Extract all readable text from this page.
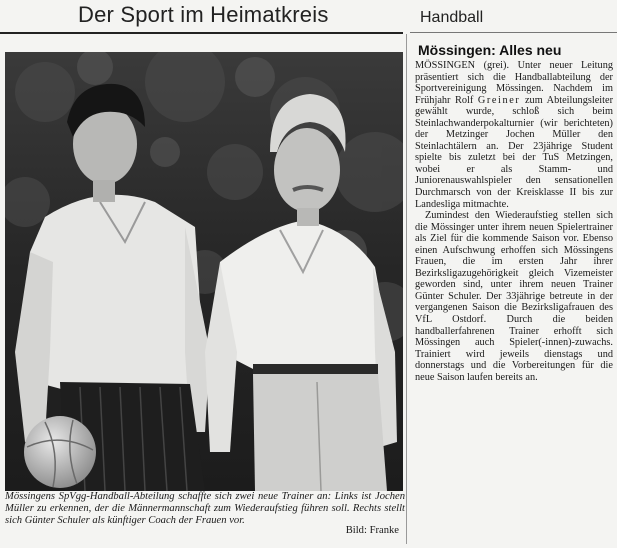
Der Sport im Heimatkreis	Handball
Mössingens SpVgg-Handball-Abteilung schaffte sich zwei neue Trainer an: Links ist Jochen Müller zu erkennen, der die Männermannschaft zum Wiederaufstieg führen soll. Rechts stellt sich Günter Schuler als künftiger Coach der Frauen vor.
Bild: Franke
Mössingen: Alles neu

MÖSSINGEN (grei). Unter neuer Leitung präsentiert sich die Handballabteilung der Sportvereinigung Mössingen. Nachdem im Frühjahr Rolf Greiner zum Abteilungsleiter gewählt wurde, schloß sich beim Steinlachwanderpokalturnier (wir berichteten) der Metzinger Jochen Müller den Steinlachtälern an. Der 23jährige Student spielte bis zuletzt bei der TuS Metzingen, wobei er als Stamm- und Juniorenauswahlspieler den sensationellen Durchmarsch von der Kreisklasse II bis zur Landesliga mitmachte.

Zumindest den Wiederaufstieg stellen sich die Mössinger unter ihrem neuen Spielertrainer als Ziel für die kommende Saison vor. Ebenso einen Aufschwung erhoffen sich Mössingens Frauen, die im ersten Jahr ihrer Bezirksligazugehörigkeit gleich Vizemeister geworden sind, unter ihrem neuen Trainer Günter Schuler. Der 33jährige betreute in der vergangenen Saison die Bezirksligafrauen des VfL Ostdorf. Durch die beiden handballerfahrenen Trainer erhofft sich Mössingen auch Spieler(-innen)-zuwachs. Trainiert wird jeweils dienstags und donnerstags und die Vorbereitungen für die neue Saison laufen bereits an.
